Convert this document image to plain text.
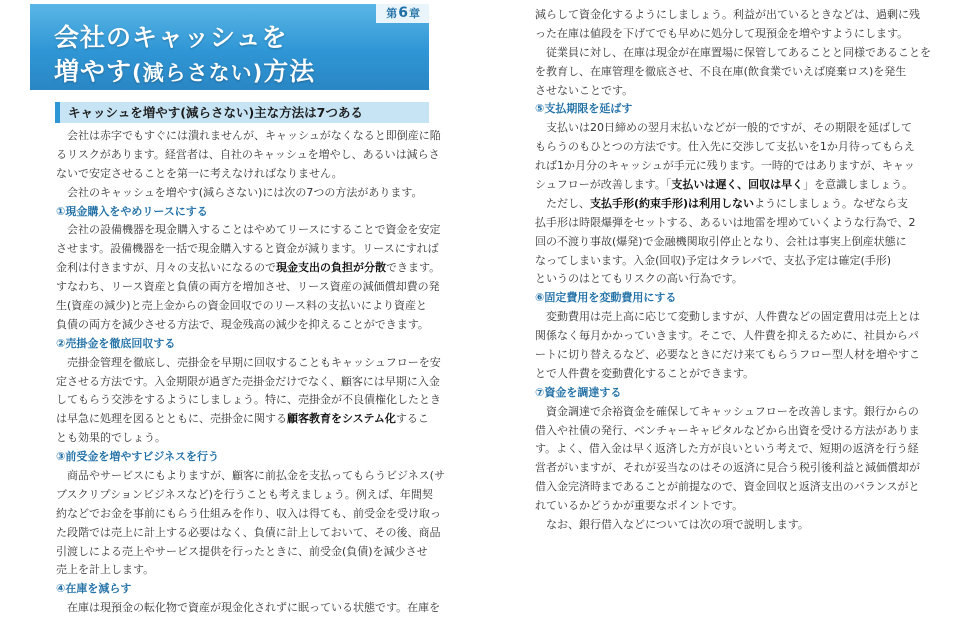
第6章
会社のキャッシュを
増やす(減らさない)方法
キャッシュを増やす(減らさない)主な方法は7つある
会社は赤字でもすぐには潰れませんが、キャッシュがなくなると即倒産に陥
るリスクがあります。経営者は、自社のキャッシュを増やし、あるいは減らさ
ないで安定させることを第一に考えなければなりません。
会社のキャッシュを増やす(減らさない)には次の7つの方法があります。
①現金購入をやめリースにする
会社の設備機器を現金購入することはやめてリースにすることで資金を安定
させます。設備機器を一括で現金購入すると資金が減ります。リースにすれば
金利は付きますが、月々の支払いになるので現金支出の負担が分散できます。
すなわち、リース資産と負債の両方を増加させ、リース資産の減価償却費の発
生(資産の減少)と売上金からの資金回収でのリース料の支払いにより資産と
負債の両方を減少させる方法で、現金残高の減少を抑えることができます。
②売掛金を徹底回収する
売掛金管理を徹底し、売掛金を早期に回収することもキャッシュフローを安
定させる方法です。入金期限が過ぎた売掛金だけでなく、顧客には早期に入金
してもらう交渉をするようにしましょう。特に、売掛金が不良債権化したとき
は早急に処理を図るとともに、売掛金に関する顧客教育をシステム化するこ
とも効果的でしょう。
③前受金を増やすビジネスを行う
商品やサービスにもよりますが、顧客に前払金を支払ってもらうビジネス(サ
ブスクリプションビジネスなど)を行うことも考えましょう。例えば、年間契
約などでお金を事前にもらう仕組みを作り、収入は得ても、前受金を受け取っ
た段階では売上に計上する必要はなく、負債に計上しておいて、その後、商品
引渡しによる売上やサービス提供を行ったときに、前受金(負債)を減少させ
売上を計上します。
④在庫を減らす
在庫は現預金の転化物で資産が現金化されずに眠っている状態です。在庫を
減らして資金化するようにしましょう。利益が出ているときなどは、過剰に残
った在庫は値段を下げてでも早めに処分して現預金を増やすようにします。
従業員に対し、在庫は現金が在庫置場に保管してあることと同様であることを
を教育し、在庫管理を徹底させ、不良在庫(飲食業でいえば廃棄ロス)を発生
させないことです。
⑤支払期限を延ばす
支払いは20日締めの翌月末払いなどが一般的ですが、その期限を延ばして
もらうのもひとつの方法です。仕入先に交渉して支払いを1か月待ってもらえ
れば1か月分のキャッシュが手元に残ります。一時的ではありますが、キャッ
シュフローが改善します。「支払いは遅く、回収は早く」を意識しましょう。
ただし、支払手形(約束手形)は利用しないようにしましょう。なぜなら支
払手形は時限爆弾をセットする、あるいは地雷を埋めていくような行為で、2
回の不渡り事故(爆発)で金融機関取引停止となり、会社は事実上倒産状態に
なってしまいます。入金(回収)予定はタラレバで、支払予定は確定(手形)
というのはとてもリスクの高い行為です。
⑥固定費用を変動費用にする
変動費用は売上高に応じて変動しますが、人件費などの固定費用は売上とは
関係なく毎月かかっていきます。そこで、人件費を抑えるために、社員からパ
ートに切り替えるなど、必要なときにだけ来てもらうフロー型人材を増やすこ
とで人件費を変動費化することができます。
⑦資金を調達する
資金調達で余裕資金を確保してキャッシュフローを改善します。銀行からの
借入や社債の発行、ベンチャーキャピタルなどから出資を受ける方法がありま
す。よく、借入金は早く返済した方が良いという考えで、短期の返済を行う経
営者がいますが、それが妥当なのはその返済に見合う税引後利益と減価償却が
借入金完済時まであることが前提なので、資金回収と返済支出のバランスがと
れているかどうかが重要なポイントです。
なお、銀行借入などについては次の項で説明します。
